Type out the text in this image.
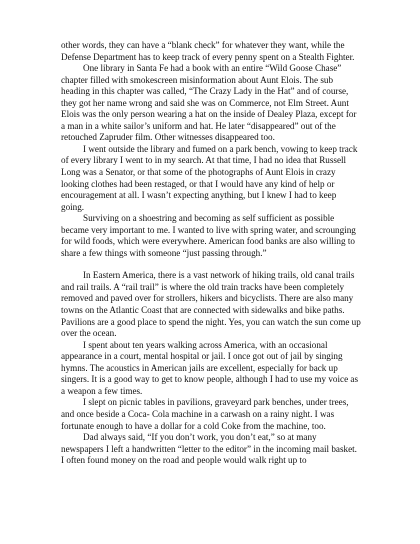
other words, they can have a “blank check” for whatever they want, while the Defense Department has to keep track of every penny spent on a Stealth Fighter.

One library in Santa Fe had a book with an entire “Wild Goose Chase” chapter filled with smokescreen misinformation about Aunt Elois. The sub heading in this chapter was called, “The Crazy Lady in the Hat” and of course, they got her name wrong and said she was on Commerce, not Elm Street. Aunt Elois was the only person wearing a hat on the inside of Dealey Plaza, except for a man in a white sailor’s uniform and hat. He later “disappeared” out of the retouched Zapruder film. Other witnesses disappeared too.

I went outside the library and fumed on a park bench, vowing to keep track of every library I went to in my search. At that time, I had no idea that Russell Long was a Senator, or that some of the photographs of Aunt Elois in crazy looking clothes had been restaged, or that I would have any kind of help or encouragement at all. I wasn’t expecting anything, but I knew I had to keep going.

Surviving on a shoestring and becoming as self sufficient as possible became very important to me. I wanted to live with spring water, and scrounging for wild foods, which were everywhere. American food banks are also willing to share a few things with someone “just passing through.”

In Eastern America, there is a vast network of hiking trails, old canal trails and rail trails. A “rail trail” is where the old train tracks have been completely removed and paved over for strollers, hikers and bicyclists. There are also many towns on the Atlantic Coast that are connected with sidewalks and bike paths. Pavilions are a good place to spend the night. Yes, you can watch the sun come up over the ocean.

I spent about ten years walking across America, with an occasional appearance in a court, mental hospital or jail. I once got out of jail by singing hymns. The acoustics in American jails are excellent, especially for back up singers. It is a good way to get to know people, although I had to use my voice as a weapon a few times.

I slept on picnic tables in pavilions, graveyard park benches, under trees, and once beside a Coca- Cola machine in a carwash on a rainy night. I was fortunate enough to have a dollar for a cold Coke from the machine, too.

Dad always said, “If you don’t work, you don’t eat,” so at many newspapers I left a handwritten “letter to the editor” in the incoming mail basket. I often found money on the road and people would walk right up to
